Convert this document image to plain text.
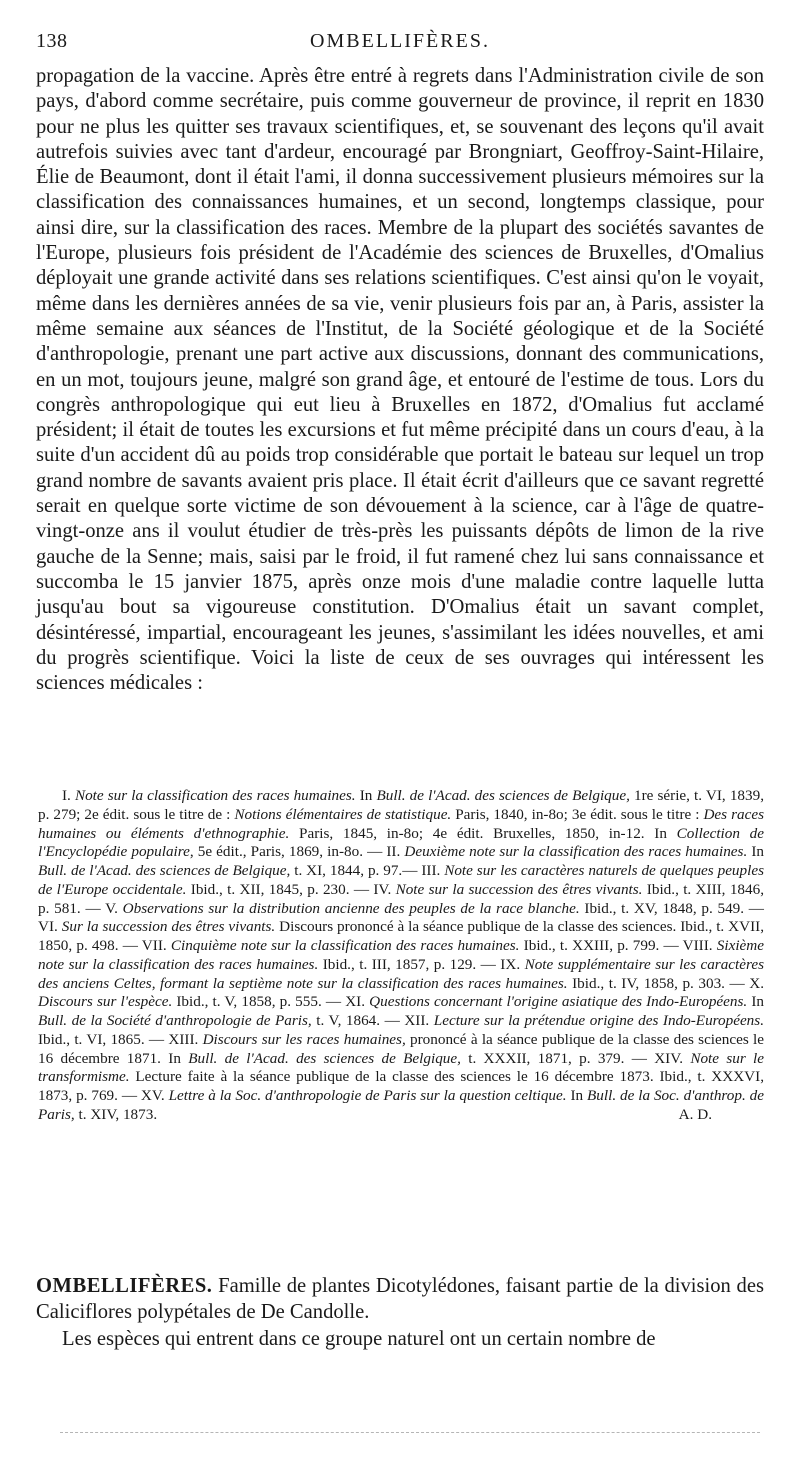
138	OMBELLIFÈRES.

propagation de la vaccine. Après être entré à regrets dans l'Administration civile de son pays, d'abord comme secrétaire, puis comme gouverneur de province, il reprit en 1830 pour ne plus les quitter ses travaux scientifiques, et, se souvenant des leçons qu'il avait autrefois suivies avec tant d'ardeur, encouragé par Brongniart, Geoffroy-Saint-Hilaire, Élie de Beaumont, dont il était l'ami, il donna successivement plusieurs mémoires sur la classification des connaissances humaines, et un second, longtemps classique, pour ainsi dire, sur la classification des races. Membre de la plupart des sociétés savantes de l'Europe, plusieurs fois président de l'Académie des sciences de Bruxelles, d'Omalius déployait une grande activité dans ses relations scientifiques. C'est ainsi qu'on le voyait, même dans les dernières années de sa vie, venir plusieurs fois par an, à Paris, assister la même semaine aux séances de l'Institut, de la Société géologique et de la Société d'anthropologie, prenant une part active aux discussions, donnant des communications, en un mot, toujours jeune, malgré son grand âge, et entouré de l'estime de tous. Lors du congrès anthropologique qui eut lieu à Bruxelles en 1872, d'Omalius fut acclamé président; il était de toutes les excursions et fut même précipité dans un cours d'eau, à la suite d'un accident dû au poids trop considérable que portait le bateau sur lequel un trop grand nombre de savants avaient pris place. Il était écrit d'ailleurs que ce savant regretté serait en quelque sorte victime de son dévouement à la science, car à l'âge de quatre-vingt-onze ans il voulut étudier de très-près les puissants dépôts de limon de la rive gauche de la Senne; mais, saisi par le froid, il fut ramené chez lui sans connaissance et succomba le 15 janvier 1875, après onze mois d'une maladie contre laquelle lutta jusqu'au bout sa vigoureuse constitution. D'Omalius était un savant complet, désintéressé, impartial, encourageant les jeunes, s'assimilant les idées nouvelles, et ami du progrès scientifique. Voici la liste de ceux de ses ouvrages qui intéressent les sciences médicales :

I. Note sur la classification des races humaines. In Bull. de l'Acad. des sciences de Belgique, 1re série, t. VI, 1839, p. 279; 2e édit. sous le titre de : Notions élémentaires de statistique. Paris, 1840, in-8o; 3e édit. sous le titre : Des races humaines ou éléments d'ethnographie. Paris, 1845, in-8o; 4e édit. Bruxelles, 1850, in-12. In Collection de l'Encyclopédie populaire, 5e édit., Paris, 1869, in-8o. — II. Deuxième note sur la classification des races humaines. In Bull. de l'Acad. des sciences de Belgique, t. XI, 1844, p. 97.— III. Note sur les caractères naturels de quelques peuples de l'Europe occidentale. Ibid., t. XII, 1845, p. 230. — IV. Note sur la succession des êtres vivants. Ibid., t. XIII, 1846, p. 581. — V. Observations sur la distribution ancienne des peuples de la race blanche. Ibid., t. XV, 1848, p. 549. — VI. Sur la succession des êtres vivants. Discours prononcé à la séance publique de la classe des sciences. Ibid., t. XVII, 1850, p. 498. — VII. Cinquième note sur la classification des races humaines. Ibid., t. XXIII, p. 799. — VIII. Sixième note sur la classification des races humaines. Ibid., t. III, 1857, p. 129. — IX. Note supplémentaire sur les caractères des anciens Celtes, formant la septième note sur la classification des races humaines. Ibid., t. IV, 1858, p. 303. — X. Discours sur l'espèce. Ibid., t. V, 1858, p. 555. — XI. Questions concernant l'origine asiatique des Indo-Européens. In Bull. de la Société d'anthropologie de Paris, t. V, 1864. — XII. Lecture sur la prétendue origine des Indo-Européens. Ibid., t. VI, 1865. — XIII. Discours sur les races humaines, prononcé à la séance publique de la classe des sciences le 16 décembre 1871. In Bull. de l'Acad. des sciences de Belgique, t. XXXII, 1871, p. 379. — XIV. Note sur le transformisme. Lecture faite à la séance publique de la classe des sciences le 16 décembre 1873. Ibid., t. XXXVI, 1873, p. 769. — XV. Lettre à la Soc. d'anthropologie de Paris sur la question celtique. In Bull. de la Soc. d'anthrop. de Paris, t. XIV, 1873.	A. D.

OMBELLIFÈRES. Famille de plantes Dicotylédones, faisant partie de la division des Caliciflores polypétales de De Candolle.

Les espèces qui entrent dans ce groupe naturel ont un certain nombre de
